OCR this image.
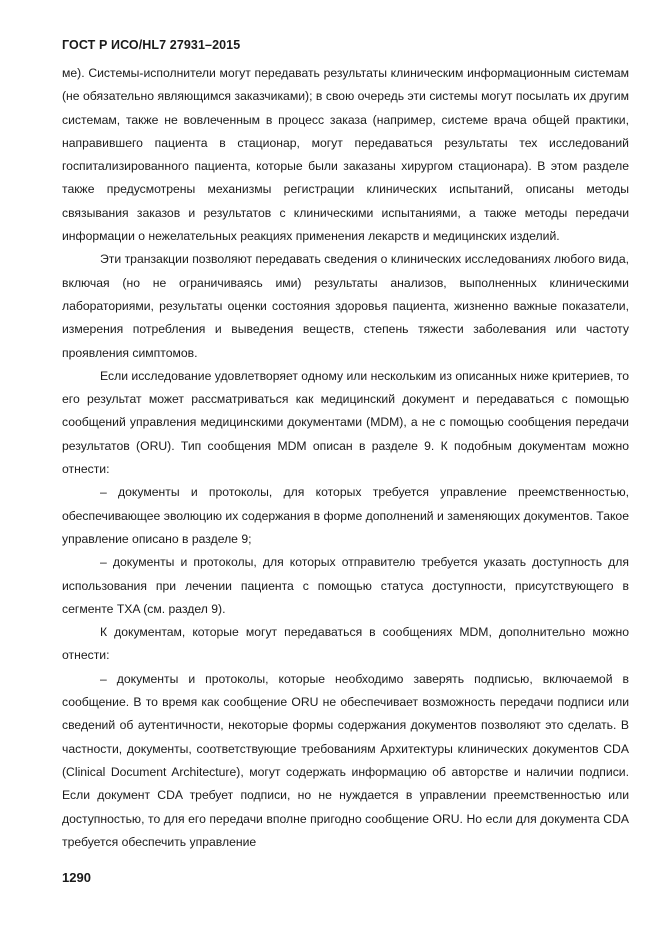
ГОСТ Р ИСО/HL7 27931–2015

ме). Системы-исполнители могут передавать результаты клиническим информационным системам (не обязательно являющимся заказчиками); в свою очередь эти системы могут посылать их другим системам, также не вовлеченным в процесс заказа (например, системе врача общей практики, направившего пациента в стационар, могут передаваться результаты тех исследований госпитализированного пациента, которые были заказаны хирургом стационара). В этом разделе также предусмотрены механизмы регистрации клинических испытаний, описаны методы связывания заказов и результатов с клиническими испытаниями, а также методы передачи информации о нежелательных реакциях применения лекарств и медицинских изделий.

Эти транзакции позволяют передавать сведения о клинических исследованиях любого вида, включая (но не ограничиваясь ими) результаты анализов, выполненных клиническими лабораториями, результаты оценки состояния здоровья пациента, жизненно важные показатели, измерения потребления и выведения веществ, степень тяжести заболевания или частоту проявления симптомов.

Если исследование удовлетворяет одному или нескольким из описанных ниже критериев, то его результат может рассматриваться как медицинский документ и передаваться с помощью сообщений управления медицинскими документами (MDM), а не с помощью сообщения передачи результатов (ORU). Тип сообщения MDM описан в разделе 9. К подобным документам можно отнести:

– документы и протоколы, для которых требуется управление преемственностью, обеспечивающее эволюцию их содержания в форме дополнений и заменяющих документов. Такое управление описано в разделе 9;

– документы и протоколы, для которых отправителю требуется указать доступность для использования при лечении пациента с помощью статуса доступности, присутствующего в сегменте TXA (см. раздел 9).

К документам, которые могут передаваться в сообщениях MDM, дополнительно можно отнести:

– документы и протоколы, которые необходимо заверять подписью, включаемой в сообщение. В то время как сообщение ORU не обеспечивает возможность передачи подписи или сведений об аутентичности, некоторые формы содержания документов позволяют это сделать. В частности, документы, соответствующие требованиям Архитектуры клинических документов CDA (Clinical Document Architecture), могут содержать информацию об авторстве и наличии подписи. Если документ CDA требует подписи, но не нуждается в управлении преемственностью или доступностью, то для его передачи вполне пригодно сообщение ORU. Но если для документа CDA требуется обеспечить управление

1290
